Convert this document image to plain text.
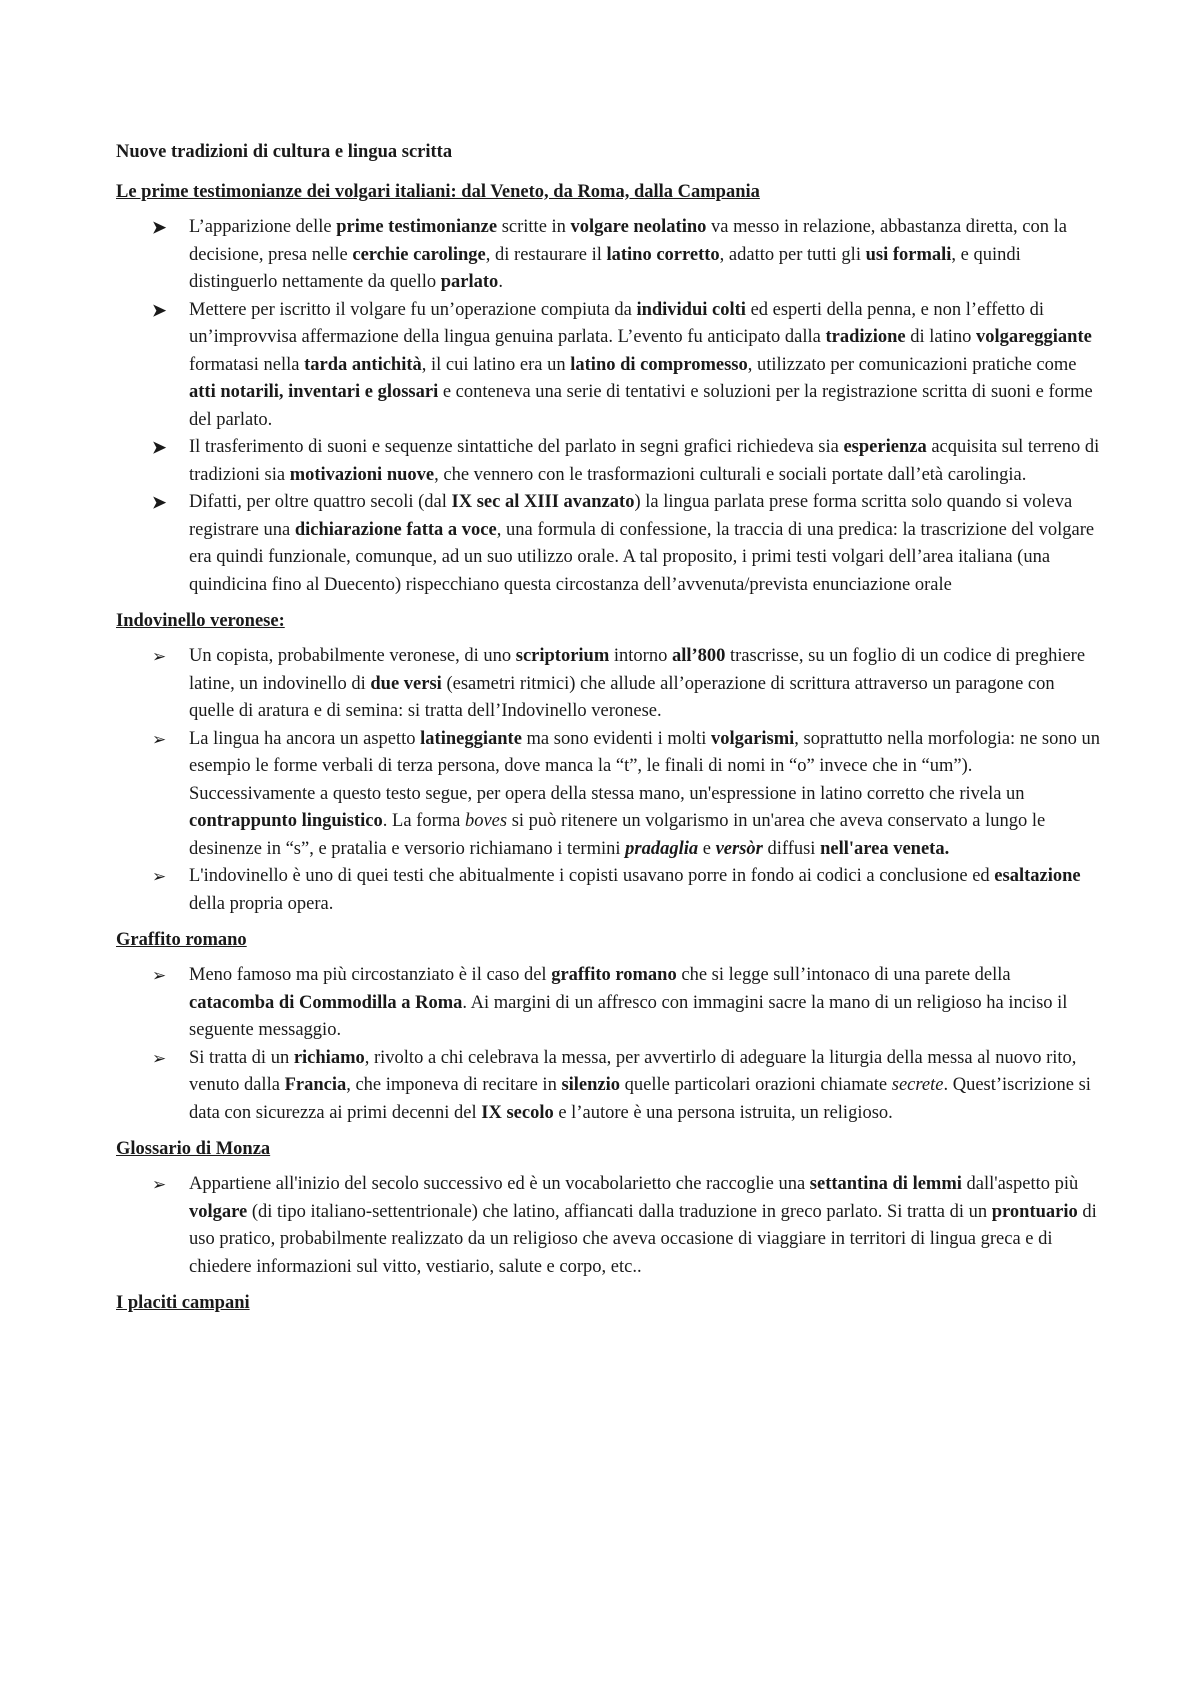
Nuove tradizioni di cultura e lingua scritta

Le prime testimonianze dei volgari italiani: dal Veneto, da Roma, dalla Campania

➤ L’apparizione delle prime testimonianze scritte in volgare neolatino va messo in relazione, abbastanza diretta, con la decisione, presa nelle cerchie carolinge, di restaurare il latino corretto, adatto per tutti gli usi formali, e quindi distinguerlo nettamente da quello parlato.
➤ Mettere per iscritto il volgare fu un’operazione compiuta da individui colti ed esperti della penna, e non l’effetto di un’improvvisa affermazione della lingua genuina parlata. L’evento fu anticipato dalla tradizione di latino volgareggiante formatasi nella tarda antichità, il cui latino era un latino di compromesso, utilizzato per comunicazioni pratiche come atti notarili, inventari e glossari e conteneva una serie di tentativi e soluzioni per la registrazione scritta di suoni e forme del parlato.
➤ Il trasferimento di suoni e sequenze sintattiche del parlato in segni grafici richiedeva sia esperienza acquisita sul terreno di tradizioni sia motivazioni nuove, che vennero con le trasformazioni culturali e sociali portate dall’età carolingia.
➤ Difatti, per oltre quattro secoli (dal IX sec al XIII avanzato) la lingua parlata prese forma scritta solo quando si voleva registrare una dichiarazione fatta a voce, una formula di confessione, la traccia di una predica: la trascrizione del volgare era quindi funzionale, comunque, ad un suo utilizzo orale. A tal proposito, i primi testi volgari dell’area italiana (una quindicina fino al Duecento) rispecchiano questa circostanza dell’avvenuta/prevista enunciazione orale

Indovinello veronese:

➢ Un copista, probabilmente veronese, di uno scriptorium intorno all’800 trascrisse, su un foglio di un codice di preghiere latine, un indovinello di due versi (esametri ritmici) che allude all’operazione di scrittura attraverso un paragone con quelle di aratura e di semina: si tratta dell’Indovinello veronese.
➢ La lingua ha ancora un aspetto latineggiante ma sono evidenti i molti volgarismi, soprattutto nella morfologia: ne sono un esempio le forme verbali di terza persona, dove manca la “t”, le finali di nomi in “o” invece che in “um”). Successivamente a questo testo segue, per opera della stessa mano, un'espressione in latino corretto che rivela un contrappunto linguistico. La forma boves si può ritenere un volgarismo in un'area che aveva conservato a lungo le desinenze in “s”, e pratalia e versorio richiamano i termini pradaglia e versòr diffusi nell'area veneta.
➢ L'indovinello è uno di quei testi che abitualmente i copisti usavano porre in fondo ai codici a conclusione ed esaltazione della propria opera.

Graffito romano

➢ Meno famoso ma più circostanziato è il caso del graffito romano che si legge sull’intonaco di una parete della catacomba di Commodilla a Roma. Ai margini di un affresco con immagini sacre la mano di un religioso ha inciso il seguente messaggio.
➢ Si tratta di un richiamo, rivolto a chi celebrava la messa, per avvertirlo di adeguare la liturgia della messa al nuovo rito, venuto dalla Francia, che imponeva di recitare in silenzio quelle particolari orazioni chiamate secrete. Quest’iscrizione si data con sicurezza ai primi decenni del IX secolo e l’autore è una persona istruita, un religioso.

Glossario di Monza

➢ Appartiene all'inizio del secolo successivo ed è un vocabolarietto che raccoglie una settantina di lemmi dall'aspetto più volgare (di tipo italiano-settentrionale) che latino, affiancati dalla traduzione in greco parlato. Si tratta di un prontuario di uso pratico, probabilmente realizzato da un religioso che aveva occasione di viaggiare in territori di lingua greca e di chiedere informazioni sul vitto, vestiario, salute e corpo, etc..

I placiti campani
